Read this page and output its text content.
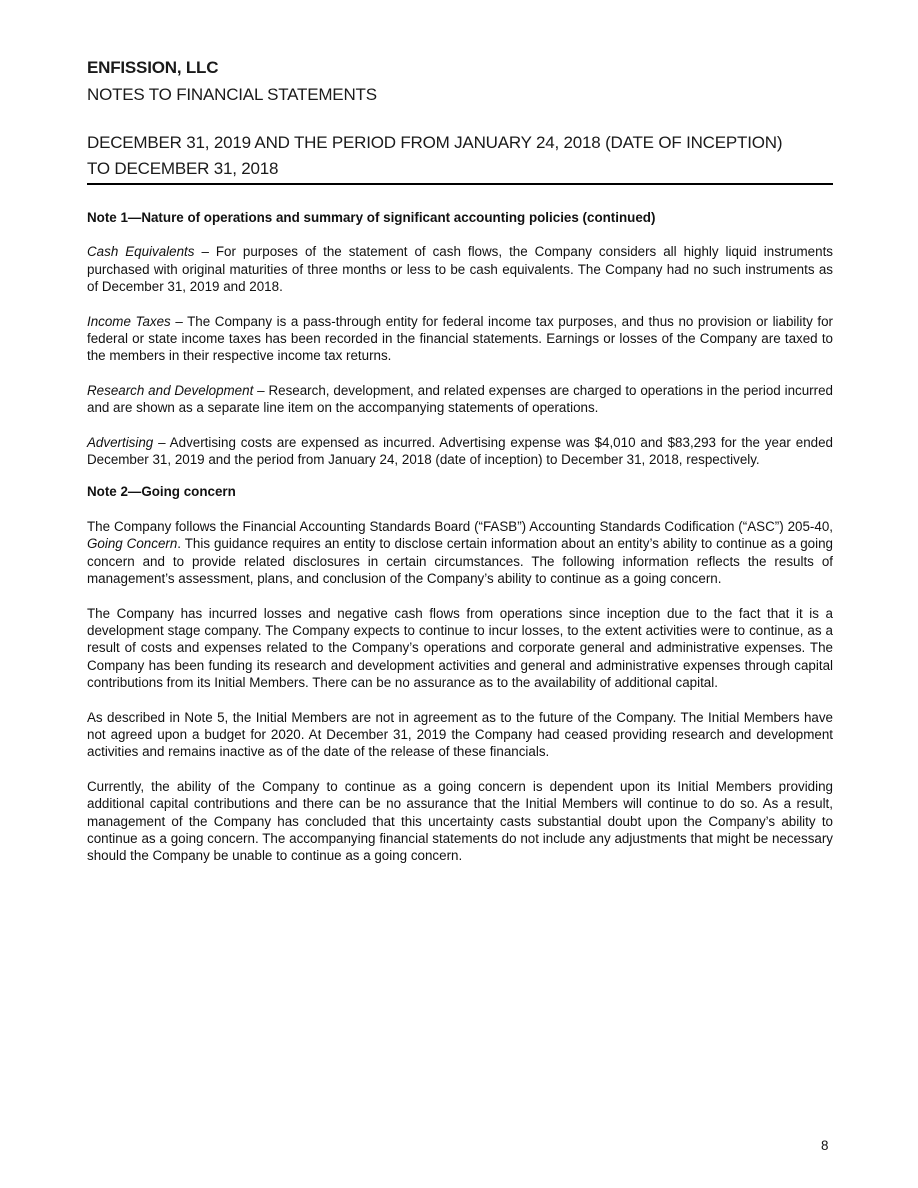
ENFISSION, LLC
NOTES TO FINANCIAL STATEMENTS
DECEMBER 31, 2019 AND THE PERIOD FROM JANUARY 24, 2018 (DATE OF INCEPTION)
TO DECEMBER 31, 2018
Note 1—Nature of operations and summary of significant accounting policies (continued)

Cash Equivalents – For purposes of the statement of cash flows, the Company considers all highly liquid instruments purchased with original maturities of three months or less to be cash equivalents. The Company had no such instruments as of December 31, 2019 and 2018.

Income Taxes – The Company is a pass-through entity for federal income tax purposes, and thus no provision or liability for federal or state income taxes has been recorded in the financial statements. Earnings or losses of the Company are taxed to the members in their respective income tax returns.

Research and Development – Research, development, and related expenses are charged to operations in the period incurred and are shown as a separate line item on the accompanying statements of operations.

Advertising – Advertising costs are expensed as incurred. Advertising expense was $4,010 and $83,293 for the year ended December 31, 2019 and the period from January 24, 2018 (date of inception) to December 31, 2018, respectively.

Note 2—Going concern

The Company follows the Financial Accounting Standards Board (“FASB”) Accounting Standards Codification (“ASC”) 205-40, Going Concern. This guidance requires an entity to disclose certain information about an entity’s ability to continue as a going concern and to provide related disclosures in certain circumstances. The following information reflects the results of management’s assessment, plans, and conclusion of the Company’s ability to continue as a going concern.

The Company has incurred losses and negative cash flows from operations since inception due to the fact that it is a development stage company. The Company expects to continue to incur losses, to the extent activities were to continue, as a result of costs and expenses related to the Company’s operations and corporate general and administrative expenses. The Company has been funding its research and development activities and general and administrative expenses through capital contributions from its Initial Members. There can be no assurance as to the availability of additional capital.

As described in Note 5, the Initial Members are not in agreement as to the future of the Company. The Initial Members have not agreed upon a budget for 2020. At December 31, 2019 the Company had ceased providing research and development activities and remains inactive as of the date of the release of these financials.

Currently, the ability of the Company to continue as a going concern is dependent upon its Initial Members providing additional capital contributions and there can be no assurance that the Initial Members will continue to do so. As a result, management of the Company has concluded that this uncertainty casts substantial doubt upon the Company’s ability to continue as a going concern. The accompanying financial statements do not include any adjustments that might be necessary should the Company be unable to continue as a going concern.

8
